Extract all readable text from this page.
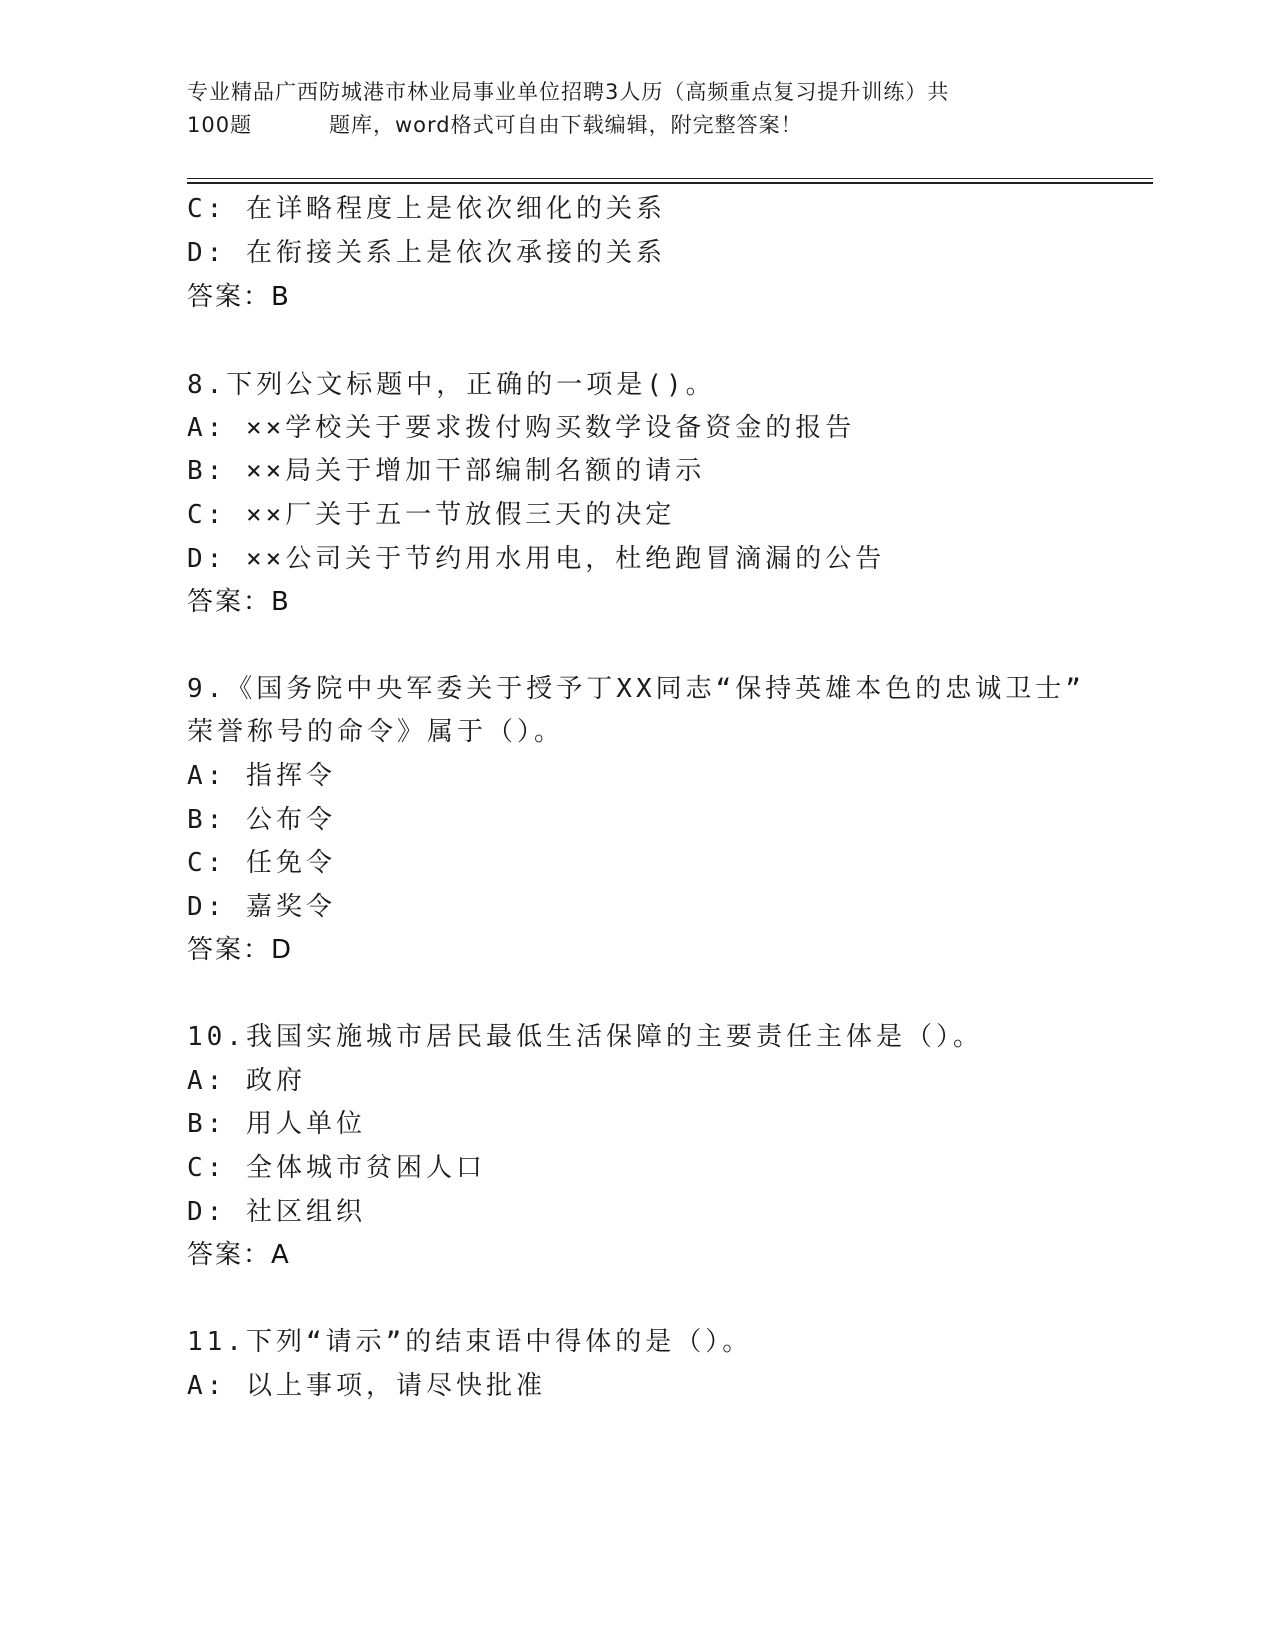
专业精品广西防城港市林业局事业单位招聘3人历（高频重点复习提升训练）共
100题	题库，word格式可自由下载编辑，附完整答案！
C: 在详略程度上是依次细化的关系
D: 在衔接关系上是依次承接的关系
答案：B
8.下列公文标题中，正确的一项是()。
A: ××学校关于要求拨付购买数学设备资金的报告
B: ××局关于增加干部编制名额的请示
C: ××厂关于五一节放假三天的决定
D: ××公司关于节约用水用电，杜绝跑冒滴漏的公告
答案：B
9.《国务院中央军委关于授予丁XX同志“保持英雄本色的忠诚卫士”
荣誉称号的命令》属于（）。
A: 指挥令
B: 公布令
C: 任免令
D: 嘉奖令
答案：D
10.我国实施城市居民最低生活保障的主要责任主体是（）。
A: 政府
B: 用人单位
C: 全体城市贫困人口
D: 社区组织
答案：A
11.下列“请示”的结束语中得体的是（）。
A: 以上事项，请尽快批准
